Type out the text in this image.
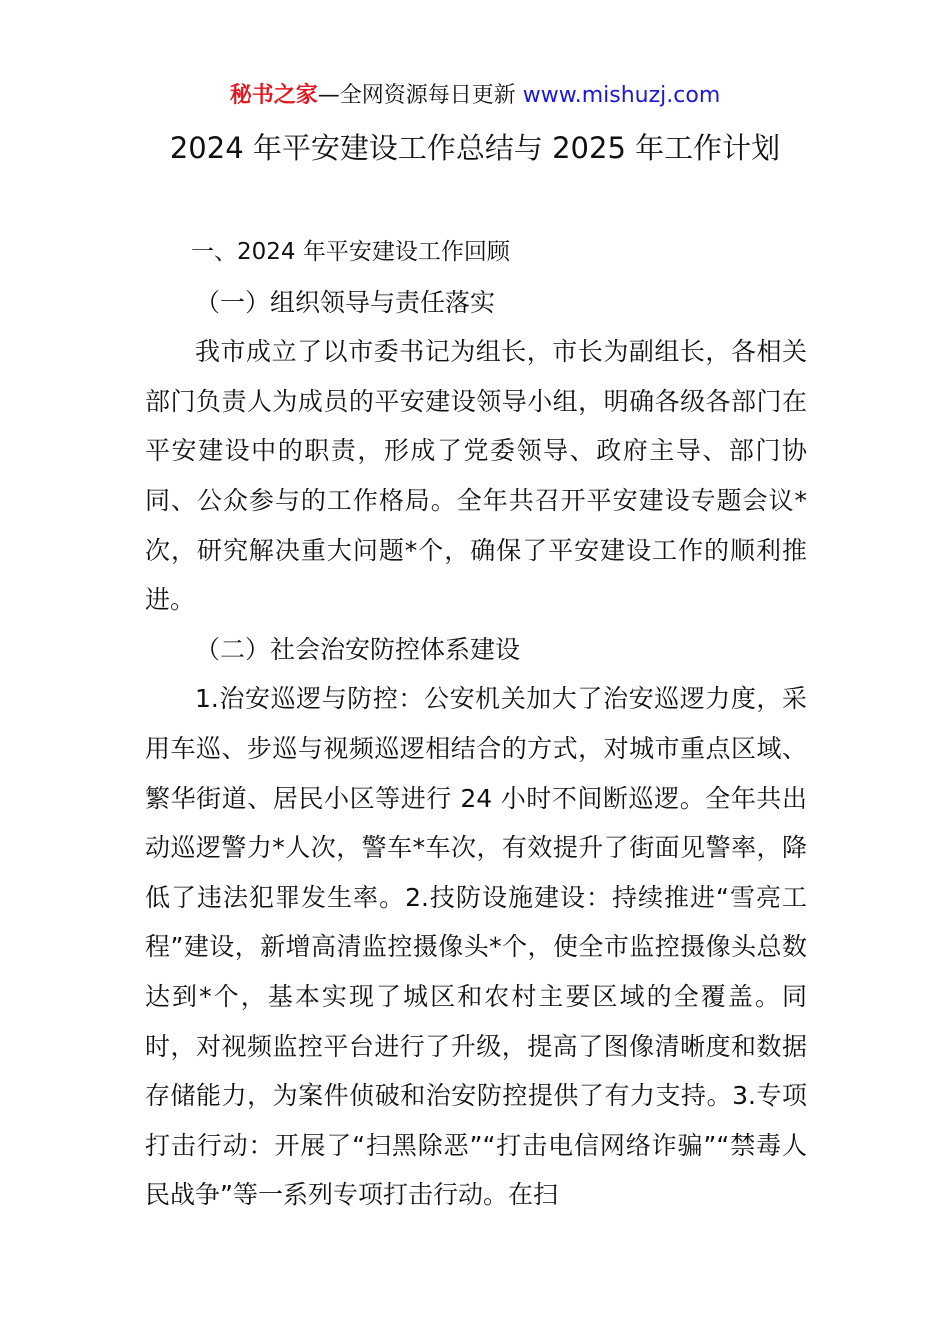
秘书之家—全网资源每日更新 www.mishuzj.com
2024 年平安建设工作总结与 2025 年工作计划

一、2024 年平安建设工作回顾

（一）组织领导与责任落实

我市成立了以市委书记为组长，市长为副组长，各相关部门负责人为成员的平安建设领导小组，明确各级各部门在平安建设中的职责，形成了党委领导、政府主导、部门协同、公众参与的工作格局。全年共召开平安建设专题会议*次，研究解决重大问题*个，确保了平安建设工作的顺利推进。

（二）社会治安防控体系建设

1.治安巡逻与防控：公安机关加大了治安巡逻力度，采用车巡、步巡与视频巡逻相结合的方式，对城市重点区域、繁华街道、居民小区等进行 24 小时不间断巡逻。全年共出动巡逻警力*人次，警车*车次，有效提升了街面见警率，降低了违法犯罪发生率。2.技防设施建设：持续推进“雪亮工程”建设，新增高清监控摄像头*个，使全市监控摄像头总数达到*个，基本实现了城区和农村主要区域的全覆盖。同时，对视频监控平台进行了升级，提高了图像清晰度和数据存储能力，为案件侦破和治安防控提供了有力支持。3.专项打击行动：开展了“扫黑除恶”“打击电信网络诈骗”“禁毒人民战争”等一系列专项打击行动。在扫
